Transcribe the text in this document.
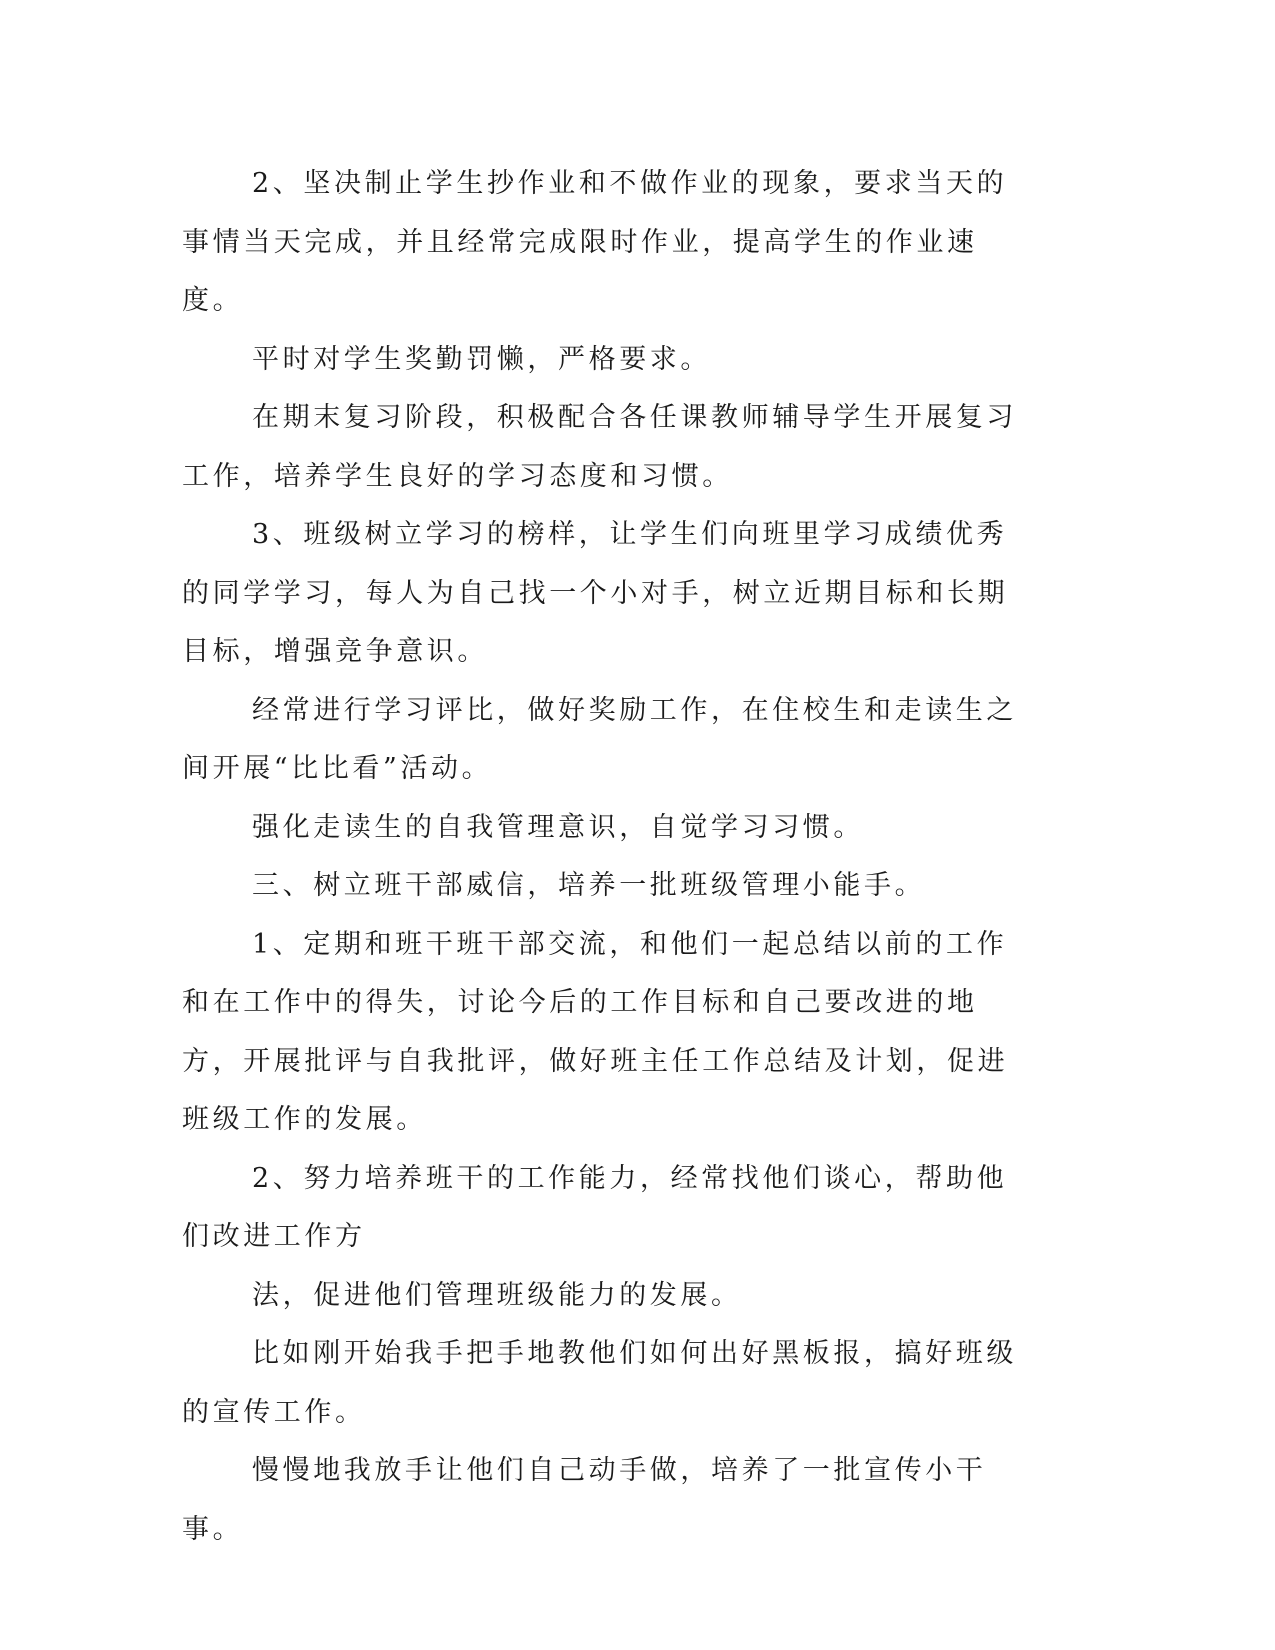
2、坚决制止学生抄作业和不做作业的现象，要求当天的事情当天完成，并且经常完成限时作业，提高学生的作业速度。

平时对学生奖勤罚懒，严格要求。

在期末复习阶段，积极配合各任课教师辅导学生开展复习工作，培养学生良好的学习态度和习惯。

3、班级树立学习的榜样，让学生们向班里学习成绩优秀的同学学习，每人为自己找一个小对手，树立近期目标和长期目标，增强竞争意识。

经常进行学习评比，做好奖励工作，在住校生和走读生之间开展“比比看”活动。

强化走读生的自我管理意识，自觉学习习惯。

三、树立班干部威信，培养一批班级管理小能手。

1、定期和班干班干部交流，和他们一起总结以前的工作和在工作中的得失，讨论今后的工作目标和自己要改进的地方，开展批评与自我批评，做好班主任工作总结及计划，促进班级工作的发展。

2、努力培养班干的工作能力，经常找他们谈心，帮助他们改进工作方

法，促进他们管理班级能力的发展。

比如刚开始我手把手地教他们如何出好黑板报，搞好班级的宣传工作。

慢慢地我放手让他们自己动手做，培养了一批宣传小干事。
